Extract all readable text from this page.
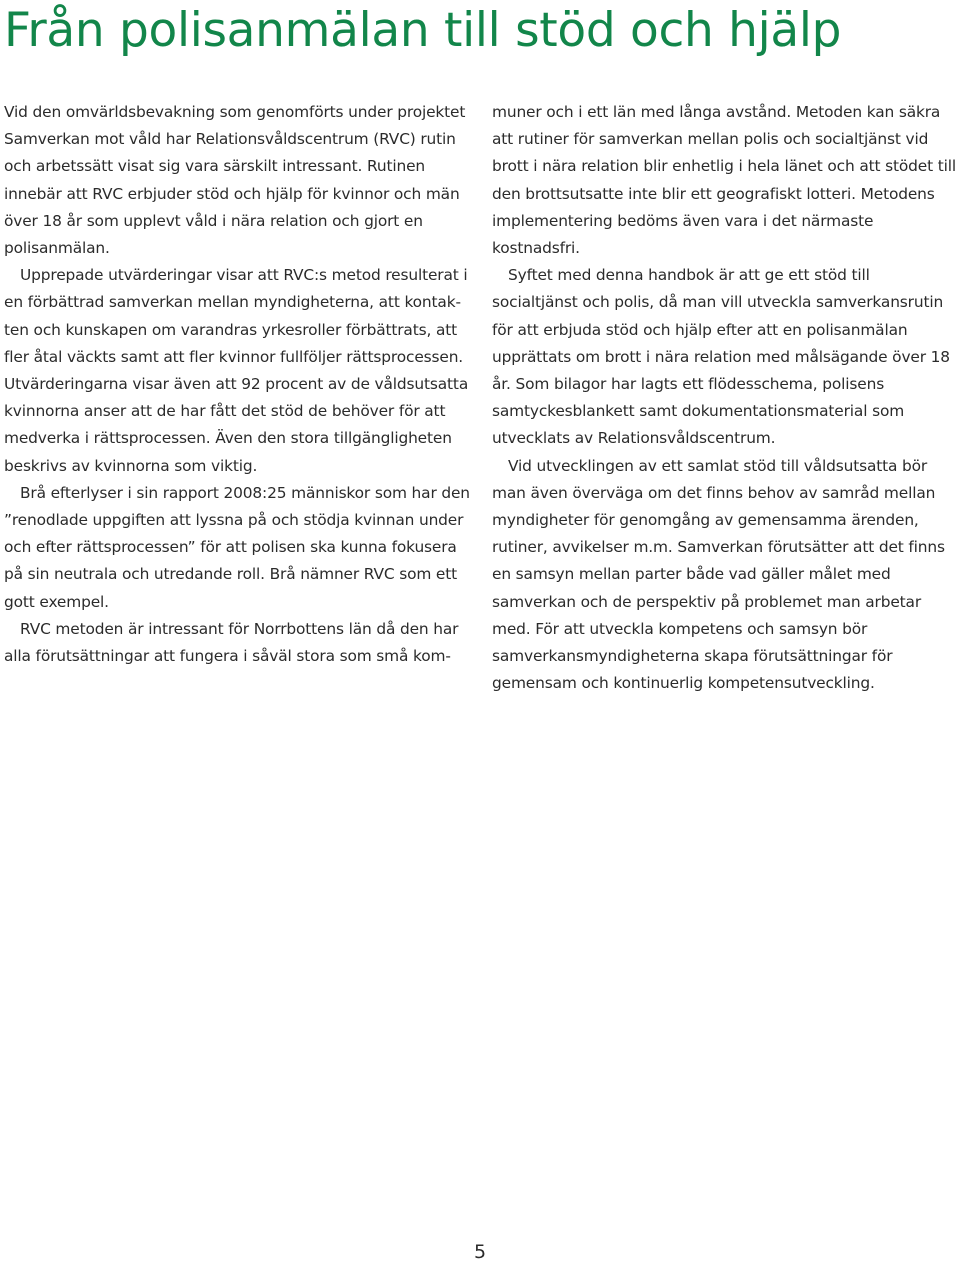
Från polisanmälan till stöd och hjälp

Vid den omvärldsbevakning som genomförts under projektet Samverkan mot våld har Relationsvåldscentrum (RVC) rutin och arbetssätt visat sig vara särskilt intressant. Rutinen innebär att RVC erbjuder stöd och hjälp för kvinnor och män över 18 år som upplevt våld i nära relation och gjort en polisanmälan.

Upprepade utvärderingar visar att RVC:s metod resulterat i en förbättrad samverkan mellan myndigheterna, att kontakten och kunskapen om varandras yrkesroller förbättrats, att fler åtal väckts samt att fler kvinnor fullföljer rättsprocessen. Utvärderingarna visar även att 92 procent av de våldsutsatta kvinnorna anser att de har fått det stöd de behöver för att medverka i rättsprocessen. Även den stora tillgängligheten beskrivs av kvinnorna som viktig.

Brå efterlyser i sin rapport 2008:25 människor som har den ”renodlade uppgiften att lyssna på och stödja kvinnan under och efter rättsprocessen” för att polisen ska kunna fokusera på sin neutrala och utredande roll. Brå nämner RVC som ett gott exempel.

RVC metoden är intressant för Norrbottens län då den har alla förutsättningar att fungera i såväl stora som små kom-

muner och i ett län med långa avstånd. Metoden kan säkra att rutiner för samverkan mellan polis och socialtjänst vid brott i nära relation blir enhetlig i hela länet och att stödet till den brottsutsatte inte blir ett geografiskt lotteri. Metodens implementering bedöms även vara i det närmaste kostnadsfri.

Syftet med denna handbok är att ge ett stöd till socialtjänst och polis, då man vill utveckla samverkansrutin för att erbjuda stöd och hjälp efter att en polisanmälan upprättats om brott i nära relation med målsägande över 18 år. Som bilagor har lagts ett flödesschema, polisens samtyckesblankett samt dokumentationsmaterial som utvecklats av Relationsvåldscentrum.

Vid utvecklingen av ett samlat stöd till våldsutsatta bör man även överväga om det finns behov av samråd mellan myndigheter för genomgång av gemensamma ärenden, rutiner, avvikelser m.m. Samverkan förutsätter att det finns en samsyn mellan parter både vad gäller målet med samverkan och de perspektiv på problemet man arbetar med. För att utveckla kompetens och samsyn bör samverkansmyndigheterna skapa förutsättningar för gemensam och kontinuerlig kompetensutveckling.

5
